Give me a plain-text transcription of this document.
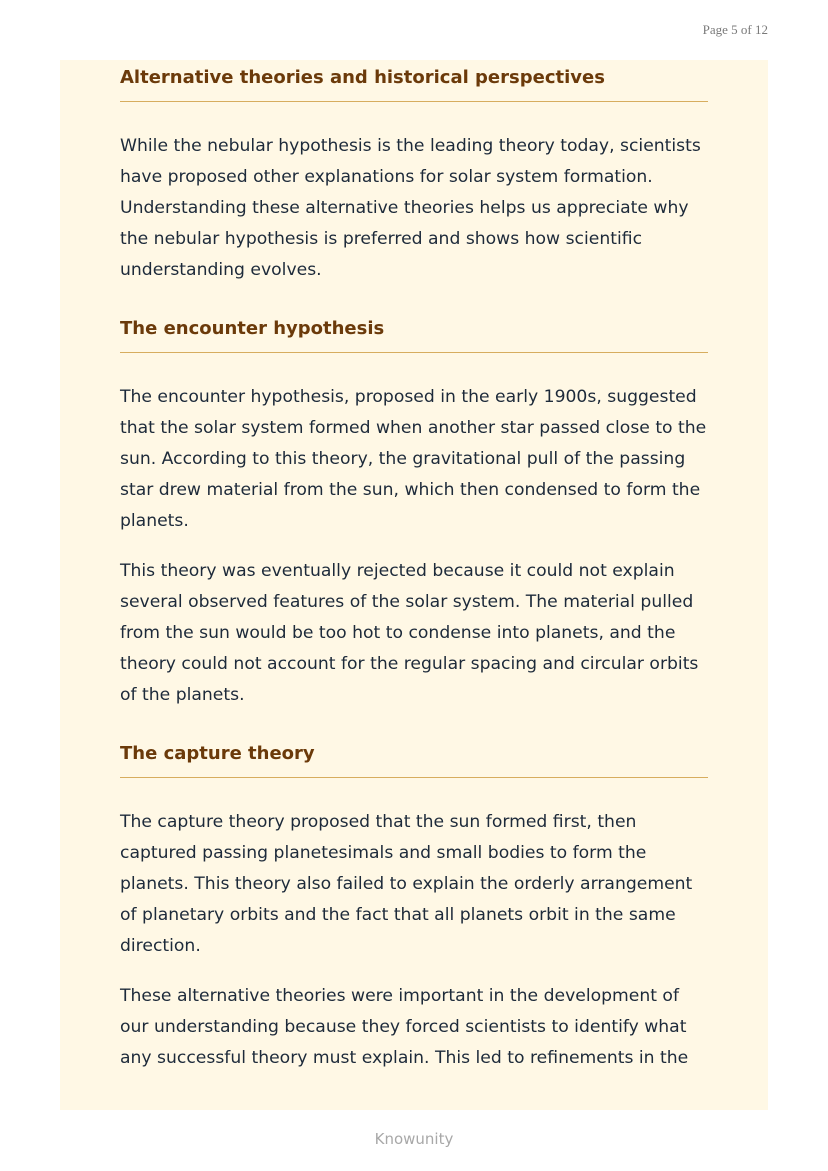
Page 5 of 12
Alternative theories and historical perspectives

While the nebular hypothesis is the leading theory today, scientists have proposed other explanations for solar system formation. Understanding these alternative theories helps us appreciate why the nebular hypothesis is preferred and shows how scientific understanding evolves.

The encounter hypothesis

The encounter hypothesis, proposed in the early 1900s, suggested that the solar system formed when another star passed close to the sun. According to this theory, the gravitational pull of the passing star drew material from the sun, which then condensed to form the planets.

This theory was eventually rejected because it could not explain several observed features of the solar system. The material pulled from the sun would be too hot to condense into planets, and the theory could not account for the regular spacing and circular orbits of the planets.

The capture theory

The capture theory proposed that the sun formed first, then captured passing planetesimals and small bodies to form the planets. This theory also failed to explain the orderly arrangement of planetary orbits and the fact that all planets orbit in the same direction.

These alternative theories were important in the development of our understanding because they forced scientists to identify what any successful theory must explain. This led to refinements in the

Knowunity
